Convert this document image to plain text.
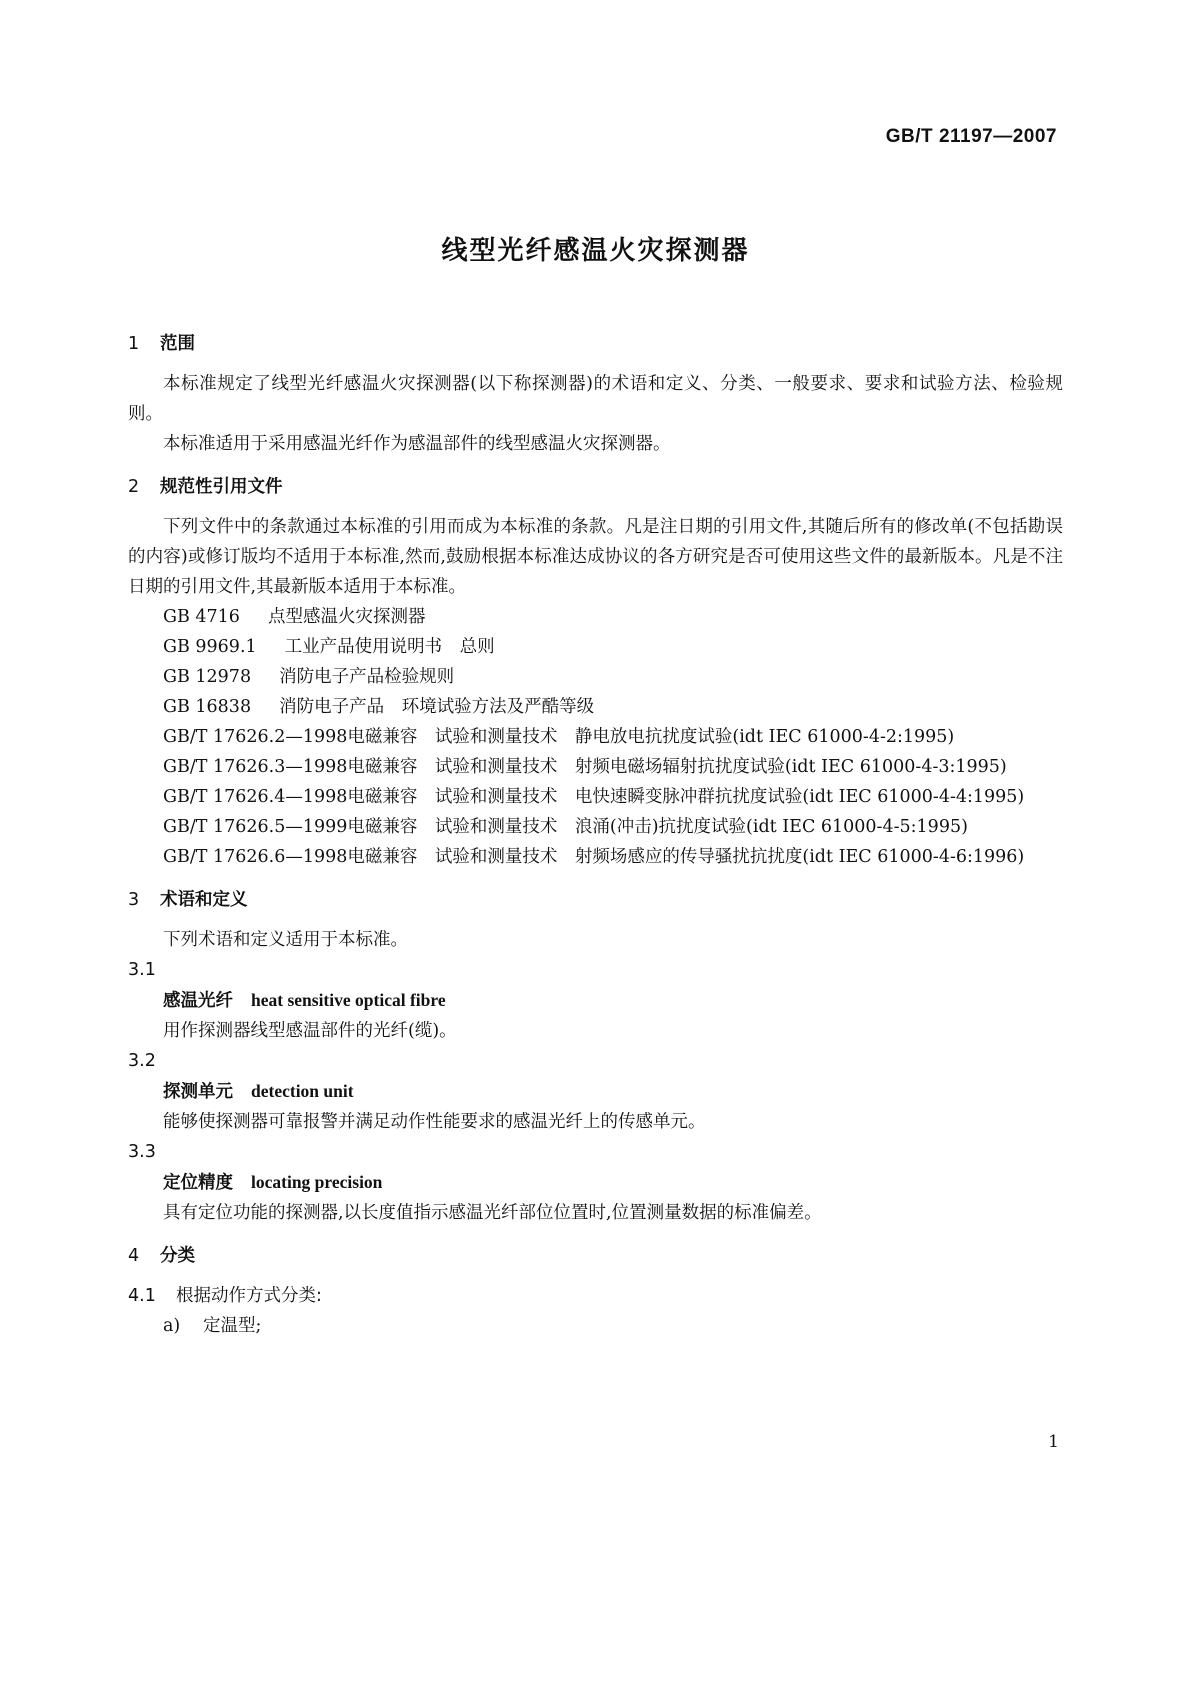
GB/T 21197—2007
线型光纤感温火灾探测器
1 范围
本标准规定了线型光纤感温火灾探测器(以下称探测器)的术语和定义、分类、一般要求、要求和试验方法、检验规则。
本标准适用于采用感温光纤作为感温部件的线型感温火灾探测器。
2 规范性引用文件
下列文件中的条款通过本标准的引用而成为本标准的条款。凡是注日期的引用文件,其随后所有的修改单(不包括勘误的内容)或修订版均不适用于本标准,然而,鼓励根据本标准达成协议的各方研究是否可使用这些文件的最新版本。凡是不注日期的引用文件,其最新版本适用于本标准。
GB 4716 点型感温火灾探测器
GB 9969.1 工业产品使用说明书　总则
GB 12978 消防电子产品检验规则
GB 16838 消防电子产品　环境试验方法及严酷等级
GB/T 17626.2—1998电磁兼容　试验和测量技术　静电放电抗扰度试验(idt IEC 61000-4-2:1995)
GB/T 17626.3—1998电磁兼容　试验和测量技术　射频电磁场辐射抗扰度试验(idt IEC 61000-4-3:1995)
GB/T 17626.4—1998电磁兼容　试验和测量技术　电快速瞬变脉冲群抗扰度试验(idt IEC 61000-4-4:1995)
GB/T 17626.5—1999电磁兼容　试验和测量技术　浪涌(冲击)抗扰度试验(idt IEC 61000-4-5:1995)
GB/T 17626.6—1998电磁兼容　试验和测量技术　射频场感应的传导骚扰抗扰度(idt IEC 61000-4-6:1996)
3 术语和定义
下列术语和定义适用于本标准。
3.1
感温光纤 heat sensitive optical fibre
用作探测器线型感温部件的光纤(缆)。
3.2
探测单元 detection unit
能够使探测器可靠报警并满足动作性能要求的感温光纤上的传感单元。
3.3
定位精度 locating precision
具有定位功能的探测器,以长度值指示感温光纤部位位置时,位置测量数据的标准偏差。
4 分类
4.1 根据动作方式分类:
a) 定温型;
1
